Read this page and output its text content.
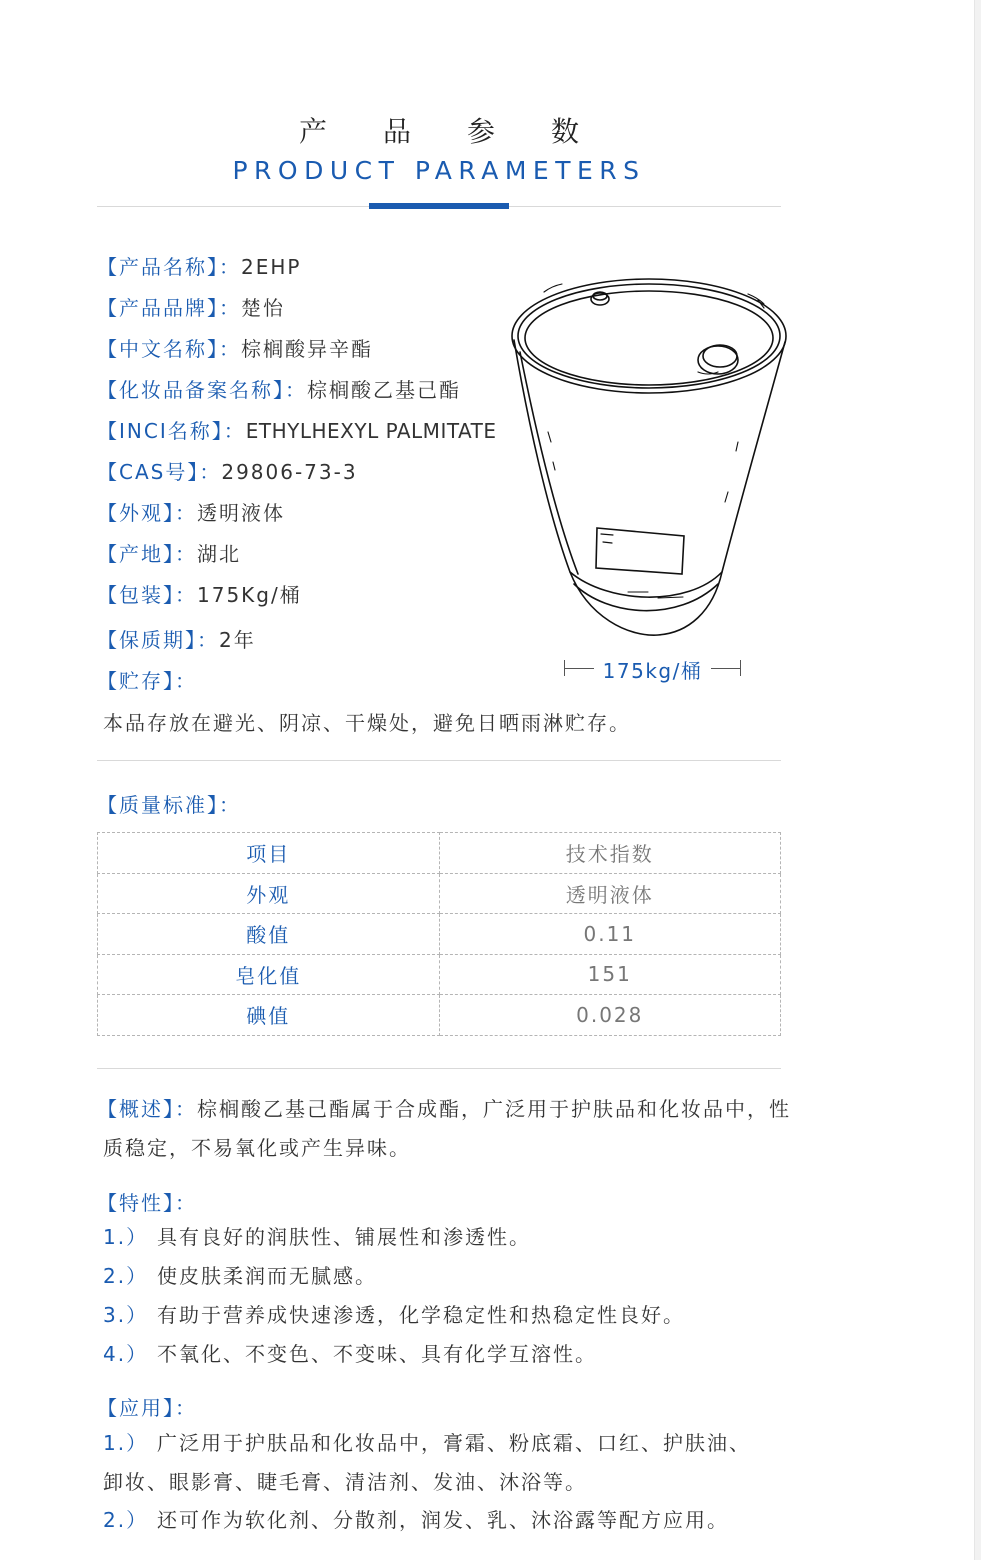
产品参数
PRODUCT PARAMETERS
【产品名称】：2EHP
【产品品牌】：楚怡
【中文名称】：棕榈酸异辛酯
【化妆品备案名称】：棕榈酸乙基己酯
【INCI名称】：ETHYLHEXYL PALMITATE
【CAS号】：29806-73-3
【外观】：透明液体
【产地】：湖北
【包装】：175Kg/桶
【保质期】：2年
【贮存】：
本品存放在避光、阴凉、干燥处，避免日晒雨淋贮存。
175kg/桶
【质量标准】：
项目	技术指数
外观	透明液体
酸值	0.11
皂化值	151
碘值	0.028
【概述】：棕榈酸乙基己酯属于合成酯，广泛用于护肤品和化妆品中，性质稳定，不易氧化或产生异味。
【特性】：
1.） 具有良好的润肤性、铺展性和渗透性。
2.） 使皮肤柔润而无腻感。
3.） 有助于营养成快速渗透，化学稳定性和热稳定性良好。
4.） 不氧化、不变色、不变味、具有化学互溶性。
【应用】：
1.） 广泛用于护肤品和化妆品中，膏霜、粉底霜、口红、护肤油、
卸妆、眼影膏、睫毛膏、清洁剂、发油、沐浴等。
2.） 还可作为软化剂、分散剂，润发、乳、沐浴露等配方应用。
